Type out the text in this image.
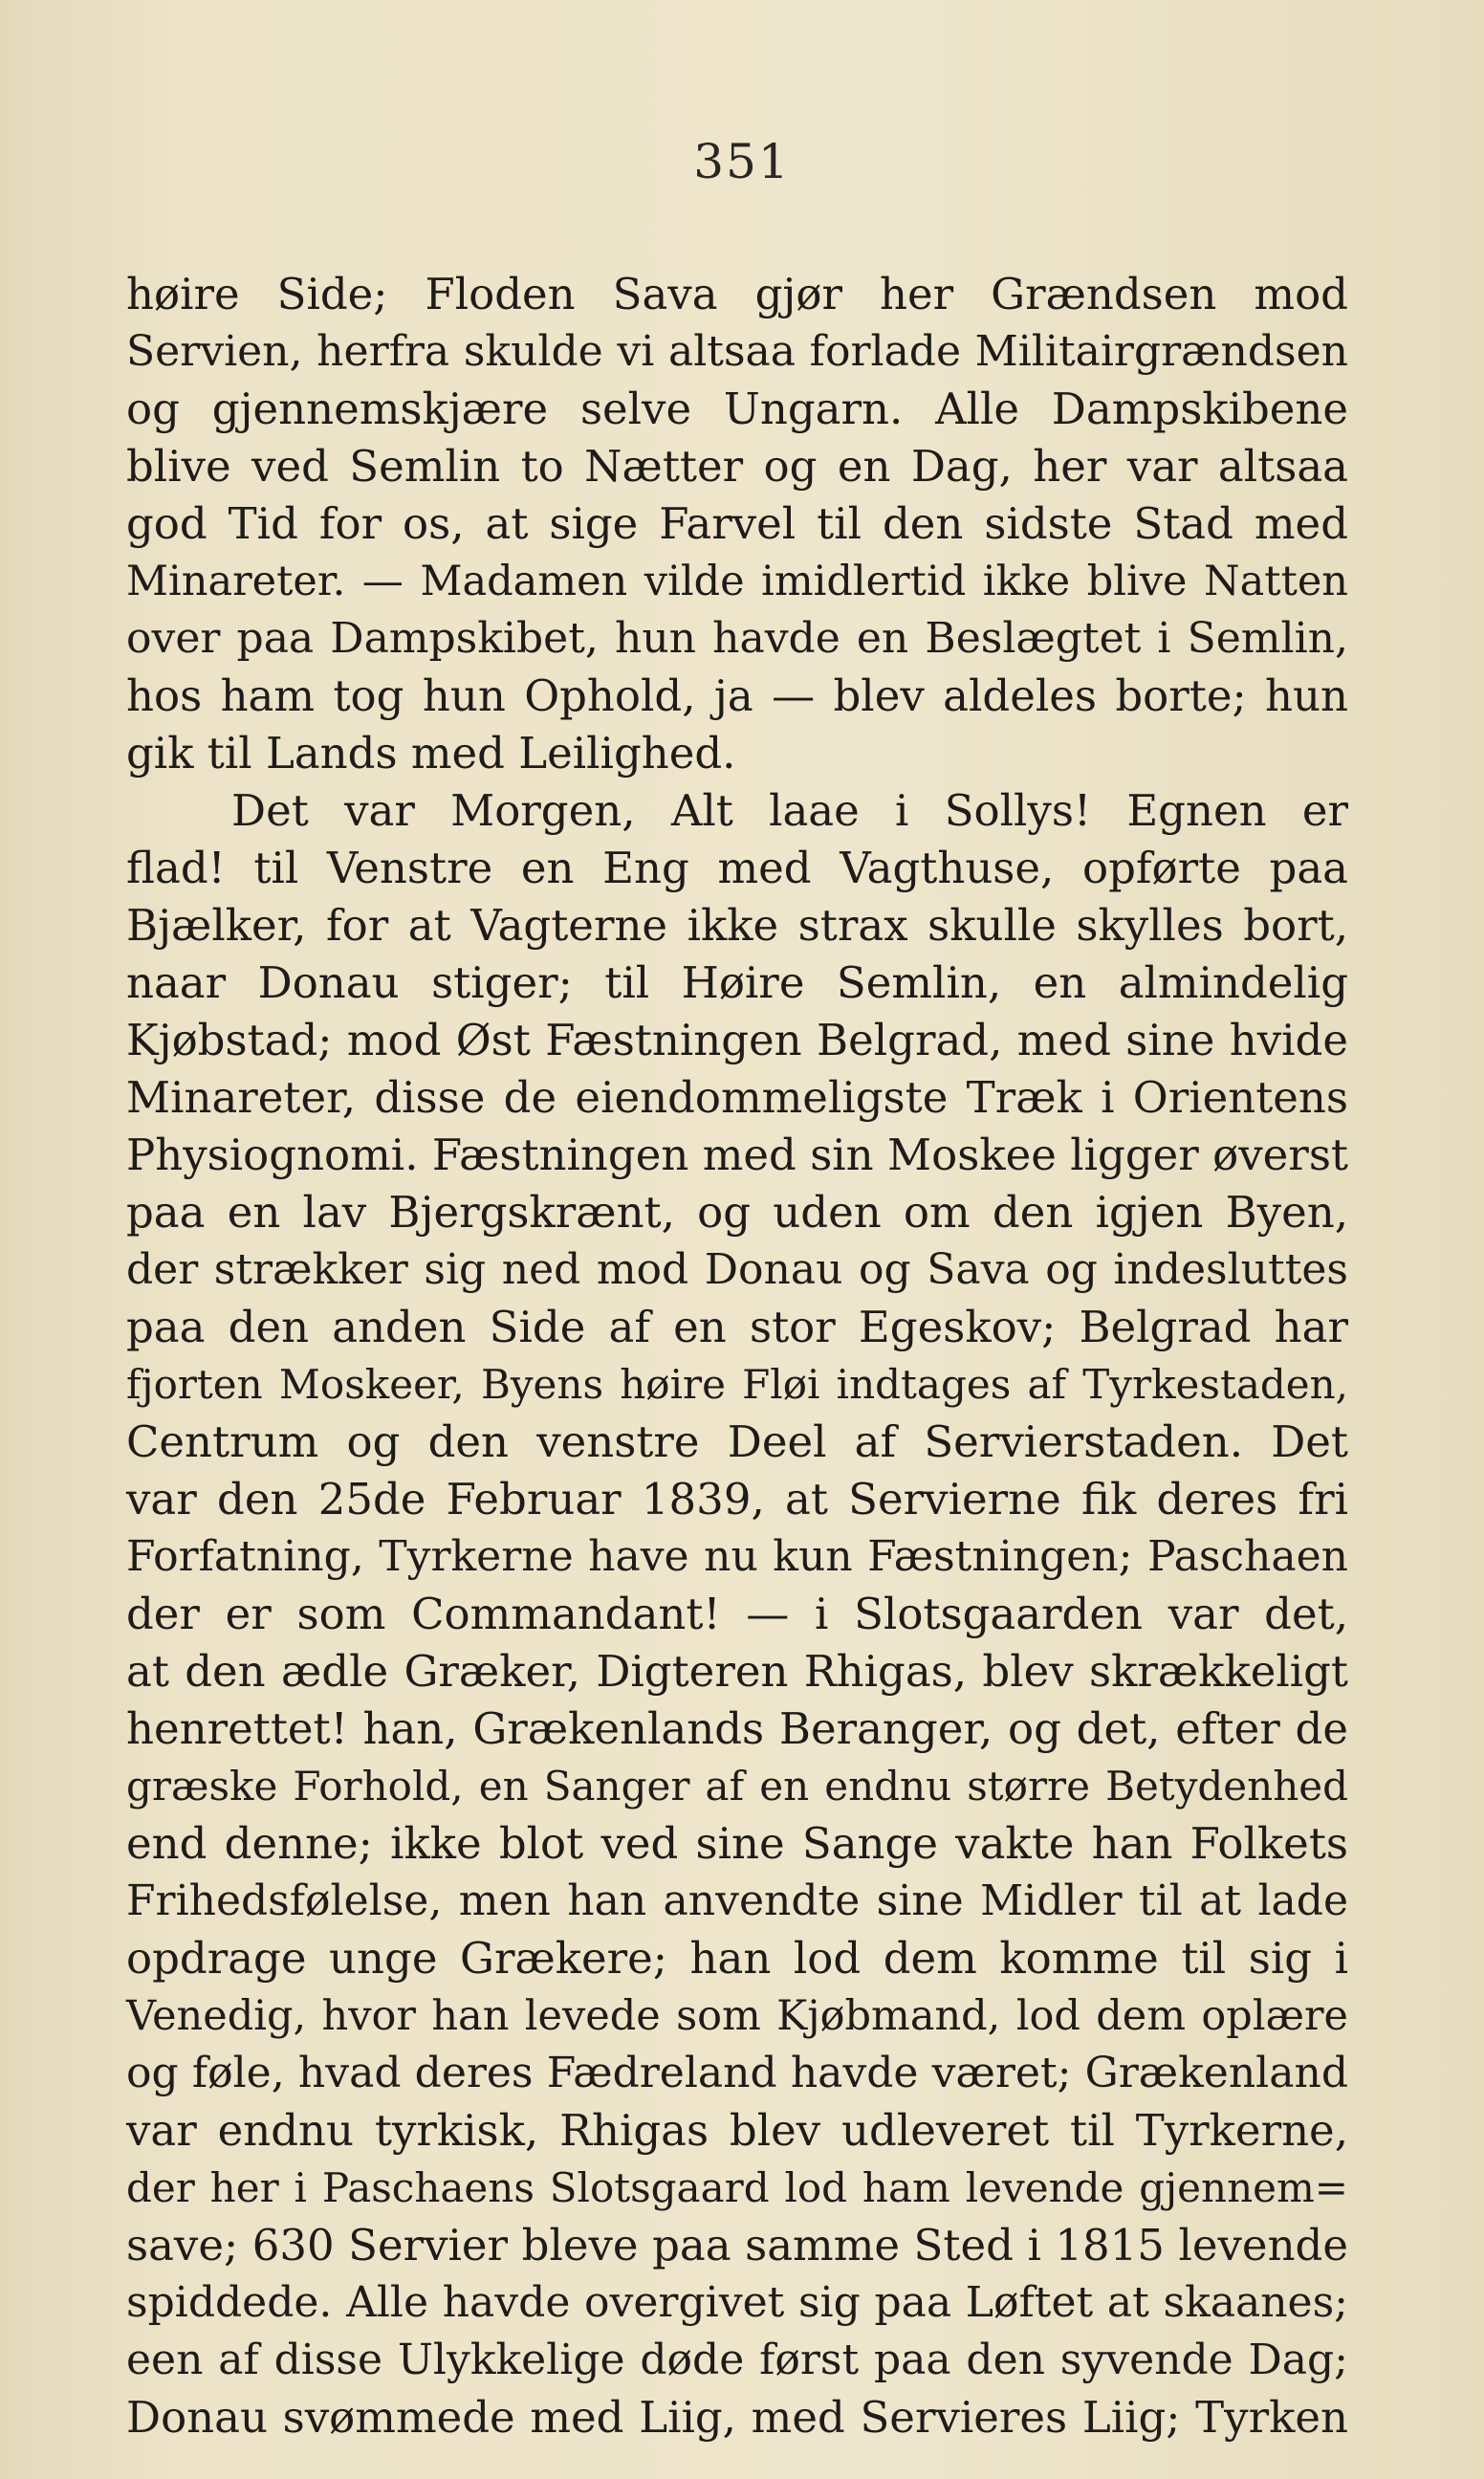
351
høire Side; Floden Sava gjør her Grændsen mod
Servien, herfra skulde vi altsaa forlade Militairgrændsen
og gjennemskjære selve Ungarn. Alle Dampskibene
blive ved Semlin to Nætter og en Dag, her var altsaa
god Tid for os, at sige Farvel til den sidste Stad med
Minareter. — Madamen vilde imidlertid ikke blive Natten
over paa Dampskibet, hun havde en Beslægtet i Semlin,
hos ham tog hun Ophold, ja — blev aldeles borte; hun
gik til Lands med Leilighed.
Det var Morgen, Alt laae i Sollys! Egnen er
flad! til Venstre en Eng med Vagthuse, opførte paa
Bjælker, for at Vagterne ikke strax skulle skylles bort,
naar Donau stiger; til Høire Semlin, en almindelig
Kjøbstad; mod Øst Fæstningen Belgrad, med sine hvide
Minareter, disse de eiendommeligste Træk i Orientens
Physiognomi. Fæstningen med sin Moskee ligger øverst
paa en lav Bjergskrænt, og uden om den igjen Byen,
der strækker sig ned mod Donau og Sava og indesluttes
paa den anden Side af en stor Egeskov; Belgrad har
fjorten Moskeer, Byens høire Fløi indtages af Tyrkestaden,
Centrum og den venstre Deel af Servierstaden. Det
var den 25de Februar 1839, at Servierne fik deres fri
Forfatning, Tyrkerne have nu kun Fæstningen; Paschaen
der er som Commandant! — i Slotsgaarden var det,
at den ædle Græker, Digteren Rhigas, blev skrækkeligt
henrettet! han, Grækenlands Beranger, og det, efter de
græske Forhold, en Sanger af en endnu større Betydenhed
end denne; ikke blot ved sine Sange vakte han Folkets
Frihedsfølelse, men han anvendte sine Midler til at lade
opdrage unge Grækere; han lod dem komme til sig i
Venedig, hvor han levede som Kjøbmand, lod dem oplære
og føle, hvad deres Fædreland havde været; Grækenland
var endnu tyrkisk, Rhigas blev udleveret til Tyrkerne,
der her i Paschaens Slotsgaard lod ham levende gjennem=
save; 630 Servier bleve paa samme Sted i 1815 levende
spiddede. Alle havde overgivet sig paa Løftet at skaanes;
een af disse Ulykkelige døde først paa den syvende Dag;
Donau svømmede med Liig, med Servieres Liig; Tyrken
